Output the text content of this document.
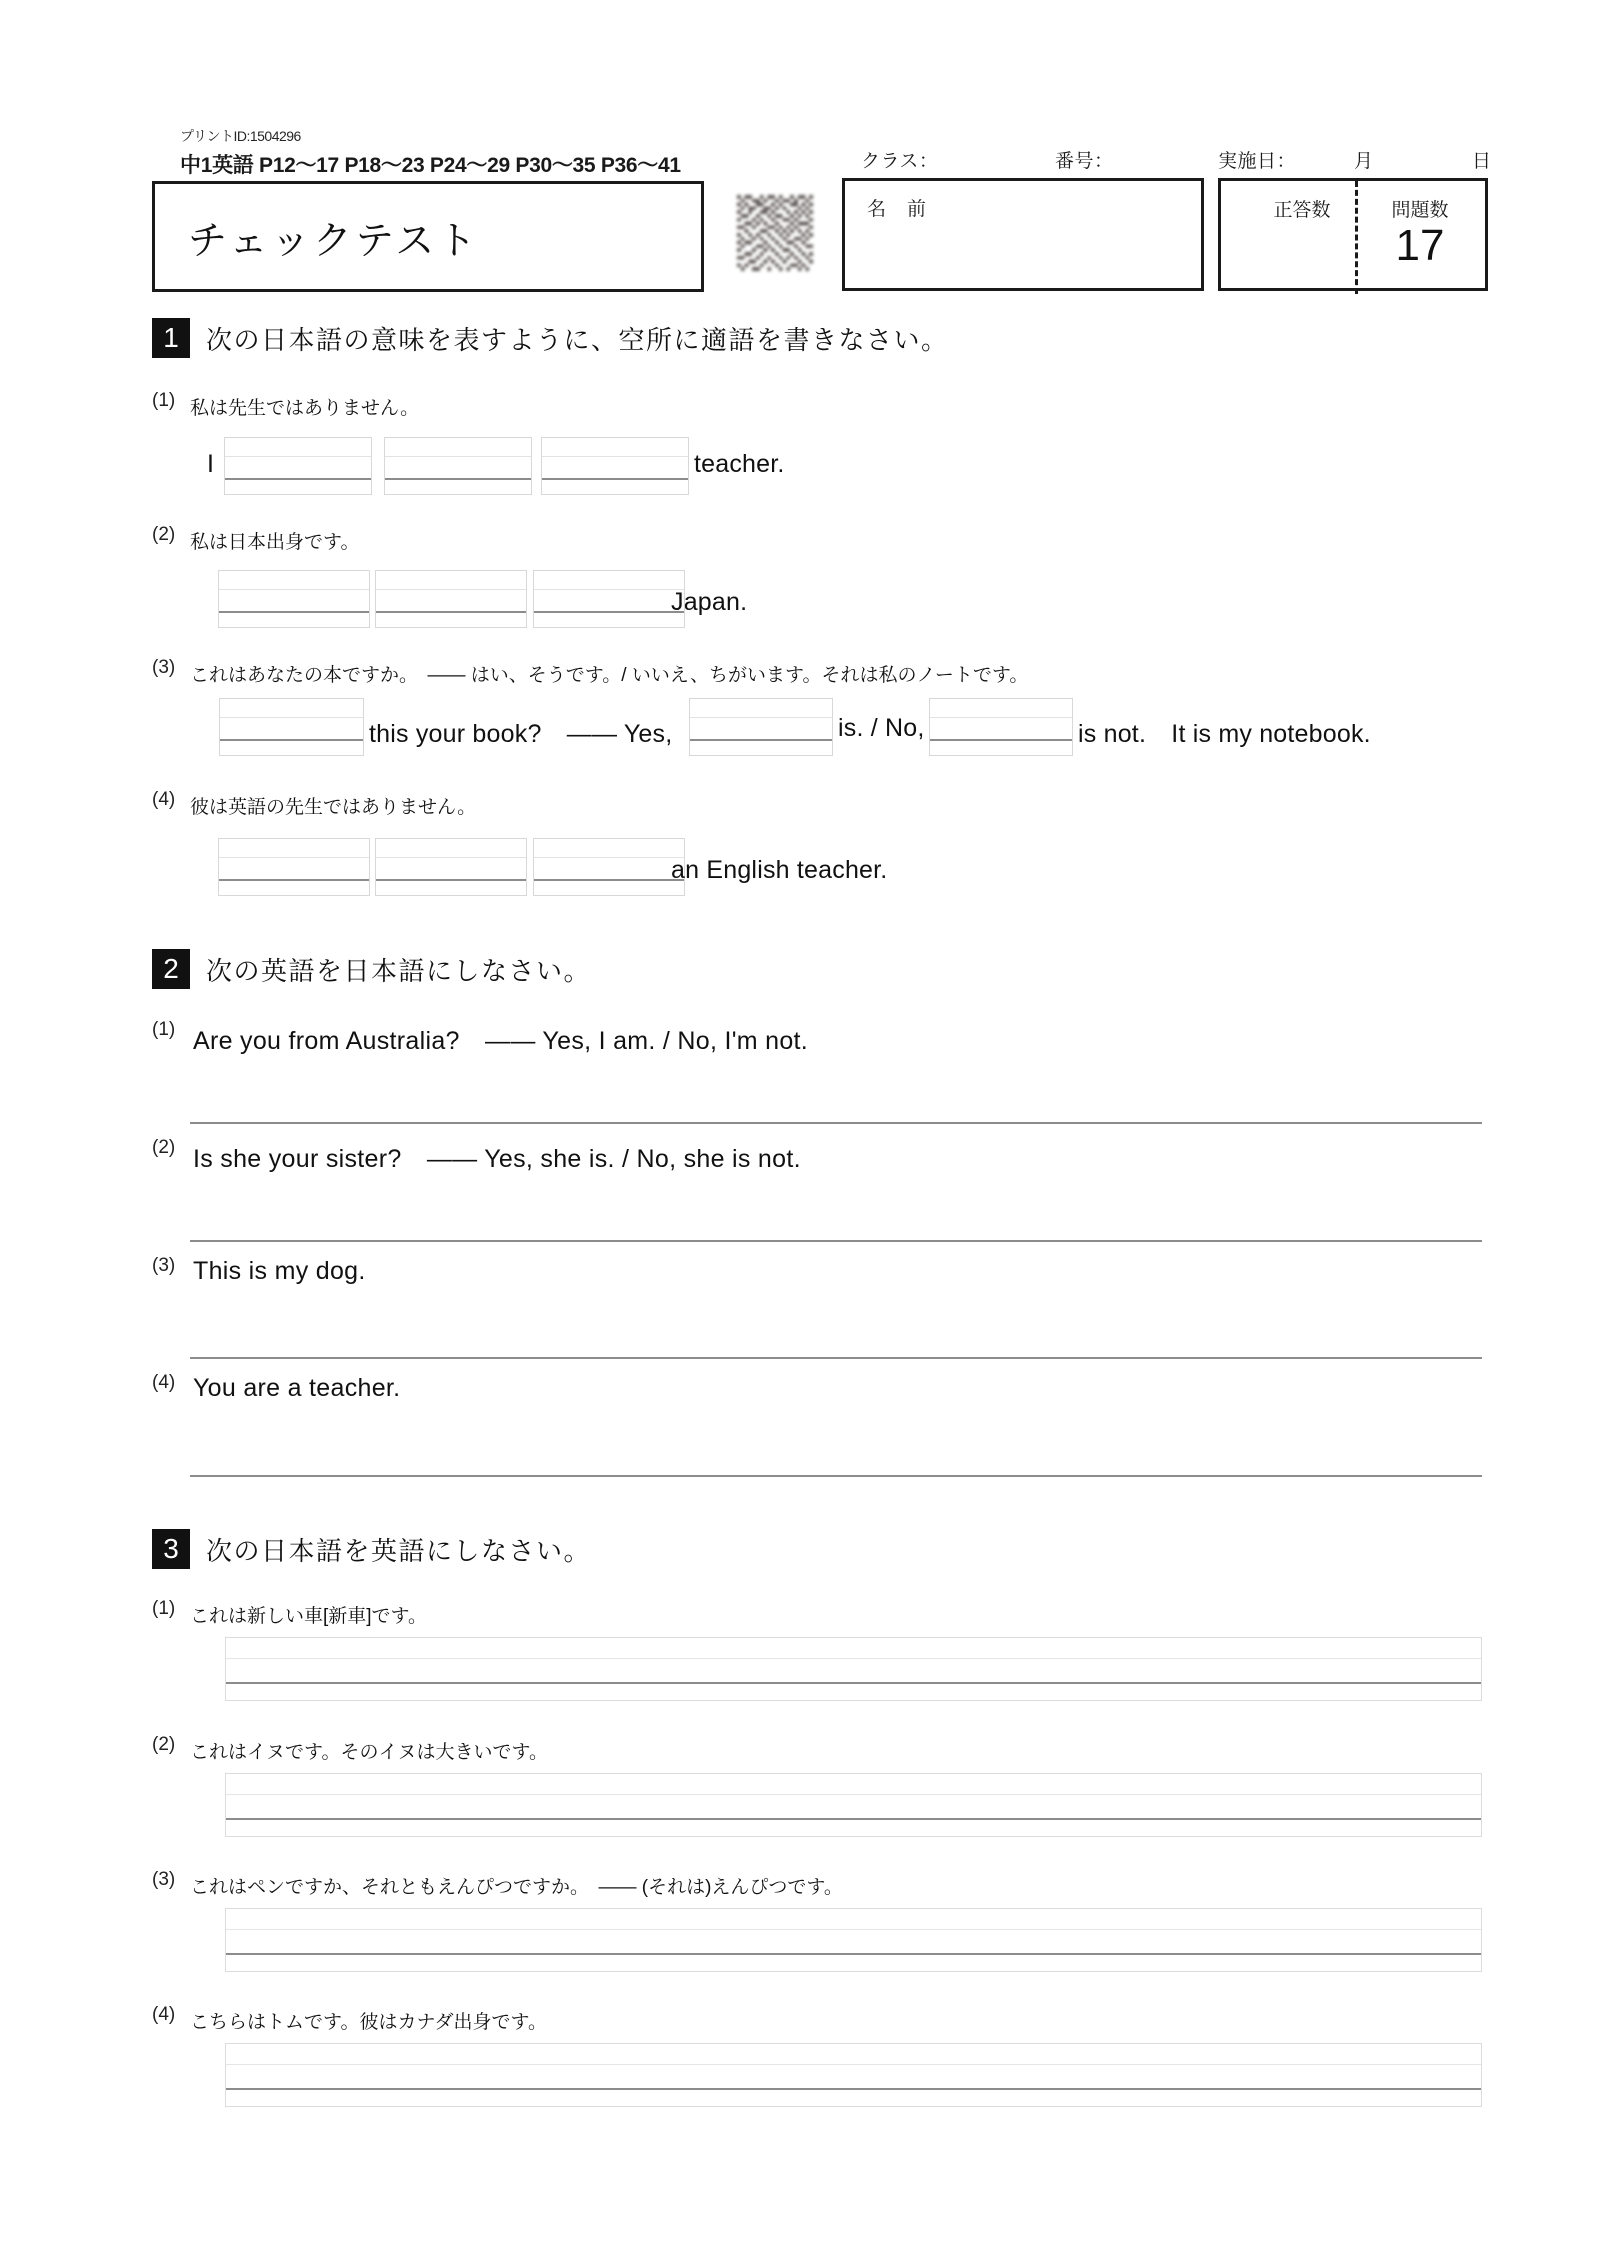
プリントID:1504296
中1英語 P12〜17 P18〜23 P24〜29 P30〜35 P36〜41
チェックテスト
クラス：	番号：	実施日：	月	日
名　前	正答数	問題数
17
1	次の日本語の意味を表すように、空所に適語を書きなさい。
(1) 私は先生ではありません。
I	teacher.
(2) 私は日本出身です。
Japan.
(3) これはあなたの本ですか。　―― はい、そうです。/ いいえ、ちがいます。それは私のノートです。
this your book?　―― Yes,	is. / No,	is not.　It is my notebook.
(4) 彼は英語の先生ではありません。
an English teacher.
2	次の英語を日本語にしなさい。
(1) Are you from Australia?　―― Yes, I am. / No, I'm not.
(2) Is she your sister?　―― Yes, she is. / No, she is not.
(3) This is my dog.
(4) You are a teacher.
3	次の日本語を英語にしなさい。
(1) これは新しい車[新車]です。
(2) これはイヌです。そのイヌは大きいです。
(3) これはペンですか、それともえんぴつですか。　―― (それは)えんぴつです。
(4) こちらはトムです。彼はカナダ出身です。
